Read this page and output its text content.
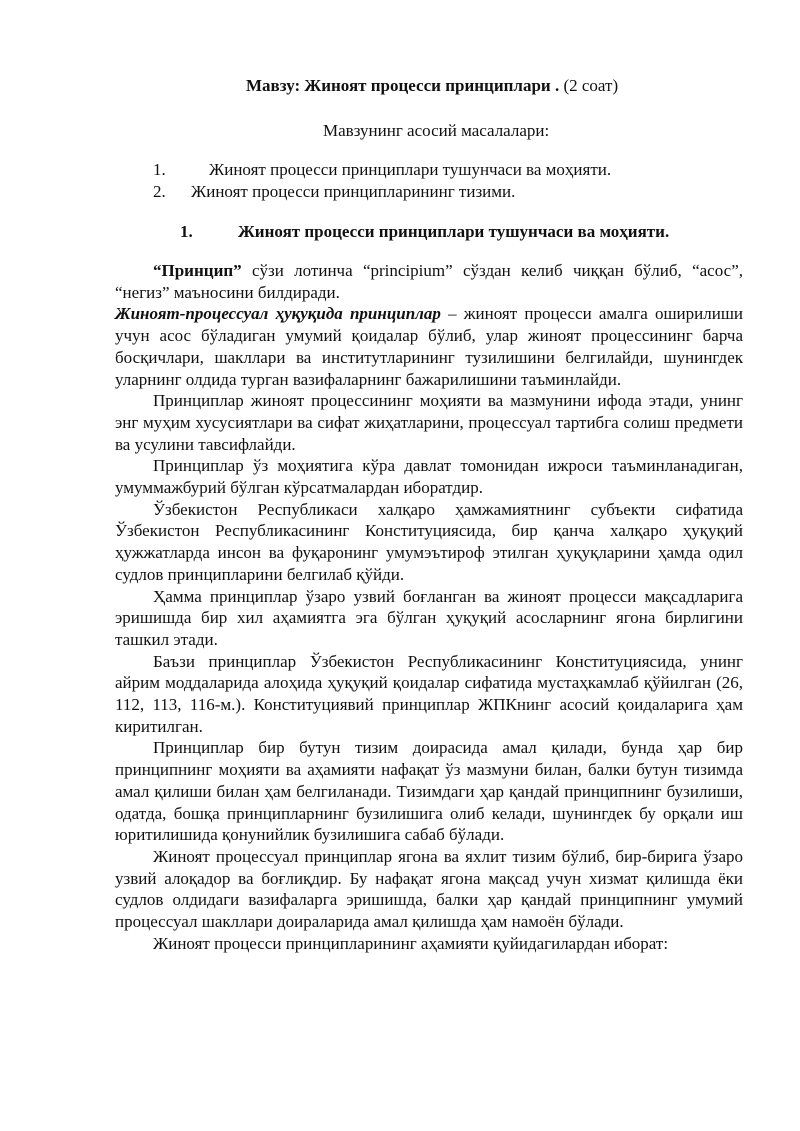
Мавзу: Жиноят процесси принциплари . (2 соат)
Мавзунинг асосий масалалари:
1.	Жиноят процесси принциплари тушунчаси ва моҳияти.
2. Жиноят процесси принципларининг тизими.
1.	Жиноят процесси принциплари тушунчаси ва моҳияти.

“Принцип” сўзи лотинча “principium” сўздан келиб чиққан бўлиб, “асос”, “негиз” маъносини билдиради.

Жиноят-процессуал ҳуқуқида принциплар – жиноят процесси амалга оширилиши учун асос бўладиган умумий қоидалар бўлиб, улар жиноят процессининг барча босқичлари, шакллари ва институтларининг тузилишини белгилайди, шунингдек уларнинг олдида турган вазифаларнинг бажарилишини таъминлайди.

Принциплар жиноят процессининг моҳияти ва мазмунини ифода этади, унинг энг муҳим хусусиятлари ва сифат жиҳатларини, процессуал тартибга солиш предмети ва усулини тавсифлайди.

Принциплар ўз моҳиятига кўра давлат томонидан ижроси таъминланадиган, умуммажбурий бўлган кўрсатмалардан иборатдир.

Ўзбекистон Республикаси халқаро ҳамжамиятнинг субъекти сифатида Ўзбекистон Республикасининг Конституциясида, бир қанча халқаро ҳуқуқий ҳужжатларда инсон ва фуқаронинг умумэътироф этилган ҳуқуқларини ҳамда одил судлов принципларини белгилаб қўйди.

Ҳамма принциплар ўзаро узвий боғланган ва жиноят процесси мақсадларига эришишда бир хил аҳамиятга эга бўлган ҳуқуқий асосларнинг ягона бирлигини ташкил этади.

Баъзи принциплар Ўзбекистон Республикасининг Конституциясида, унинг айрим моддаларида алоҳида ҳуқуқий қоидалар сифатида мустаҳкамлаб қўйилган (26, 112, 113, 116-м.). Конституциявий принциплар ЖПКнинг асосий қоидаларига ҳам киритилган.

Принциплар бир бутун тизим доирасида амал қилади, бунда ҳар бир принципнинг моҳияти ва аҳамияти нафақат ўз мазмуни билан, балки бутун тизимда амал қилиши билан ҳам белгиланади. Тизимдаги ҳар қандай принципнинг бузилиши, одатда, бошқа принципларнинг бузилишига олиб келади, шунингдек бу орқали иш юритилишида қонунийлик бузилишига сабаб бўлади.

Жиноят процессуал принциплар ягона ва яхлит тизим бўлиб, бир-бирига ўзаро узвий алоқадор ва боғлиқдир. Бу нафақат ягона мақсад учун хизмат қилишда ёки судлов олдидаги вазифаларга эришишда, балки ҳар қандай принципнинг умумий процессуал шакллари доираларида амал қилишда ҳам намоён бўлади.

Жиноят процесси принципларининг аҳамияти қуйидагилардан иборат:
